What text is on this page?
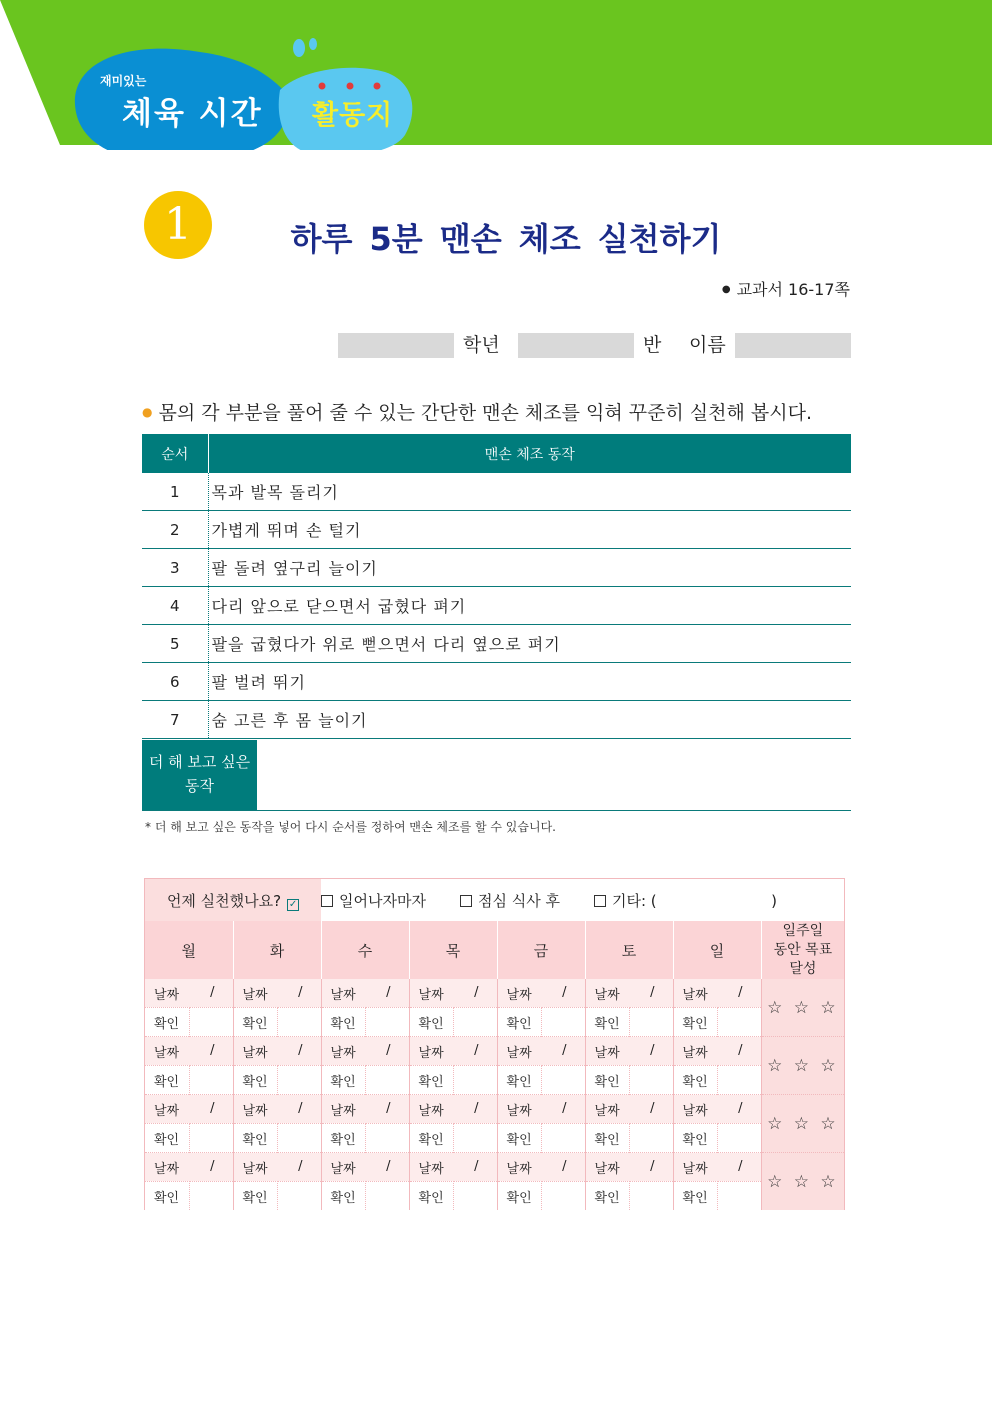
재미있는
체육 시간 활동지
1	하루 5분 맨손 체조 실천하기
● 교과서 16-17쪽
학년	반 이름
● 몸의 각 부분을 풀어 줄 수 있는 간단한 맨손 체조를 익혀 꾸준히 실천해 봅시다.
순서	맨손 체조 동작
1	목과 발목 돌리기
2	가볍게 뛰며 손 털기
3	팔 돌려 옆구리 늘이기
4	다리 앞으로 닫으면서 굽혔다 펴기
5	팔을 굽혔다가 위로 뻗으면서 다리 옆으로 펴기
6	팔 벌려 뛰기
7	숨 고른 후 몸 늘이기
더 해 보고 싶은
동작
* 더 해 보고 싶은 동작을 넣어 다시 순서를 정하여 맨손 체조를 할 수 있습니다.
언제 실천했나요? ✓				일어나자마자 점심 식사 후 기타: (                        )										
월		화		수		목		금		토		일		일주일
동안 목표
달성

날짜 /		날짜 /		날짜 /		날짜 /		날짜 /		날짜 /		날짜 /		☆ ☆ ☆
확인		확인		확인		확인		확인		확인		확인		
날짜 /		날짜 /		날짜 /		날짜 /		날짜 /		날짜 /		날짜 /		☆ ☆ ☆
확인		확인		확인		확인		확인		확인		확인		
날짜 /		날짜 /		날짜 /		날짜 /		날짜 /		날짜 /		날짜 /		☆ ☆ ☆
확인		확인		확인		확인		확인		확인		확인		
날짜 /		날짜 /		날짜 /		날짜 /		날짜 /		날짜 /		날짜 /		☆ ☆ ☆
확인		확인		확인		확인		확인		확인		확인		
